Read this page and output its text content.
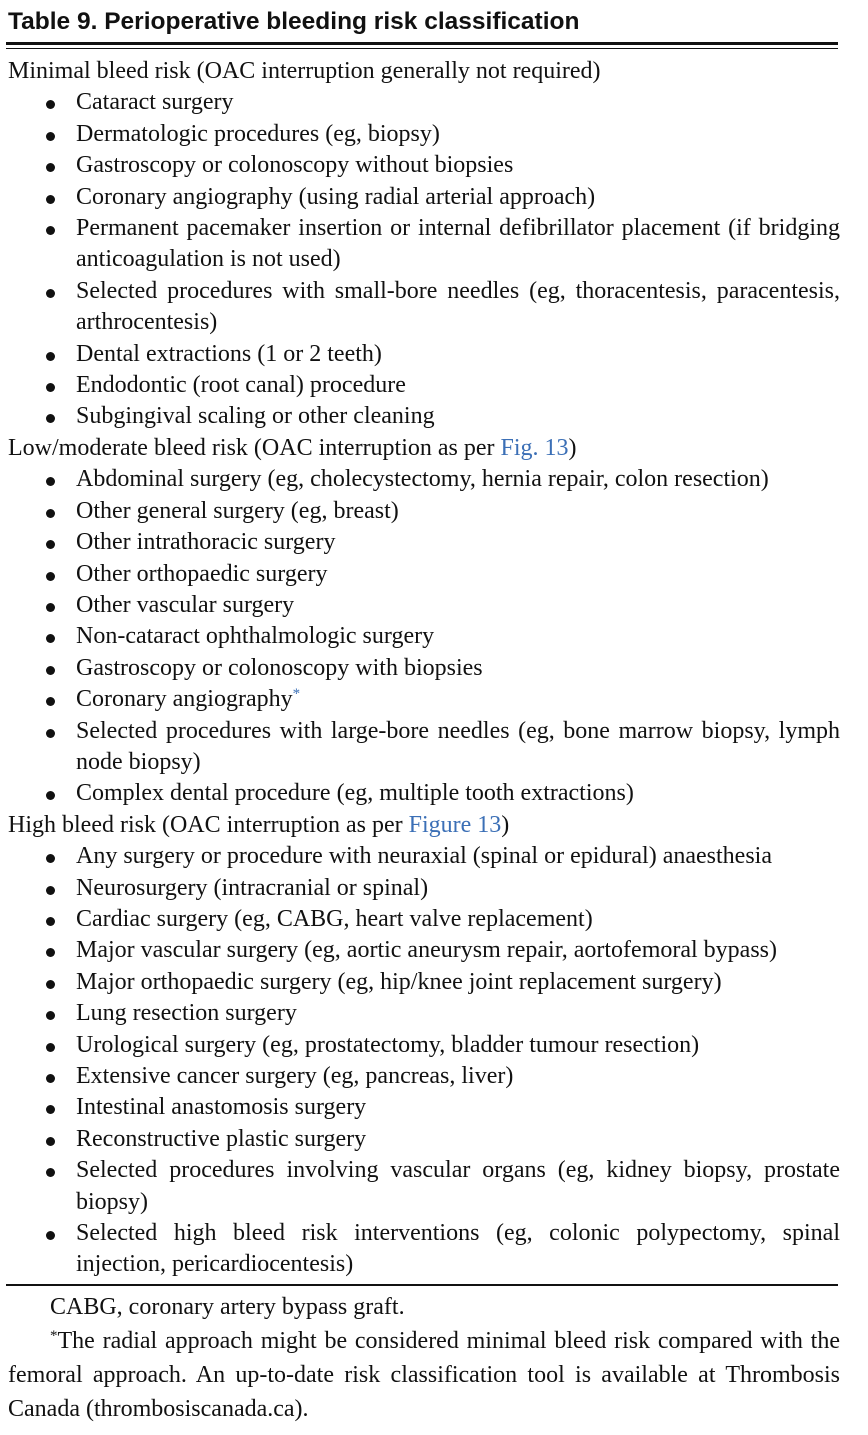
Table 9. Perioperative bleeding risk classification
Minimal bleed risk (OAC interruption generally not required)
Cataract surgery
Dermatologic procedures (eg, biopsy)
Gastroscopy or colonoscopy without biopsies
Coronary angiography (using radial arterial approach)
Permanent pacemaker insertion or internal defibrillator placement (if bridging anticoagulation is not used)
Selected procedures with small-bore needles (eg, thoracentesis, paracentesis, arthrocentesis)
Dental extractions (1 or 2 teeth)
Endodontic (root canal) procedure
Subgingival scaling or other cleaning
Low/moderate bleed risk (OAC interruption as per Fig. 13)
Abdominal surgery (eg, cholecystectomy, hernia repair, colon resection)
Other general surgery (eg, breast)
Other intrathoracic surgery
Other orthopaedic surgery
Other vascular surgery
Non-cataract ophthalmologic surgery
Gastroscopy or colonoscopy with biopsies
Coronary angiography*
Selected procedures with large-bore needles (eg, bone marrow biopsy, lymph node biopsy)
Complex dental procedure (eg, multiple tooth extractions)
High bleed risk (OAC interruption as per Figure 13)
Any surgery or procedure with neuraxial (spinal or epidural) anaesthesia
Neurosurgery (intracranial or spinal)
Cardiac surgery (eg, CABG, heart valve replacement)
Major vascular surgery (eg, aortic aneurysm repair, aortofemoral bypass)
Major orthopaedic surgery (eg, hip/knee joint replacement surgery)
Lung resection surgery
Urological surgery (eg, prostatectomy, bladder tumour resection)
Extensive cancer surgery (eg, pancreas, liver)
Intestinal anastomosis surgery
Reconstructive plastic surgery
Selected procedures involving vascular organs (eg, kidney biopsy, prostate biopsy)
Selected high bleed risk interventions (eg, colonic polypectomy, spinal injection, pericardiocentesis)

CABG, coronary artery bypass graft.

*The radial approach might be considered minimal bleed risk compared with the femoral approach. An up-to-date risk classification tool is available at Thrombosis Canada (thrombosiscanada.ca).
